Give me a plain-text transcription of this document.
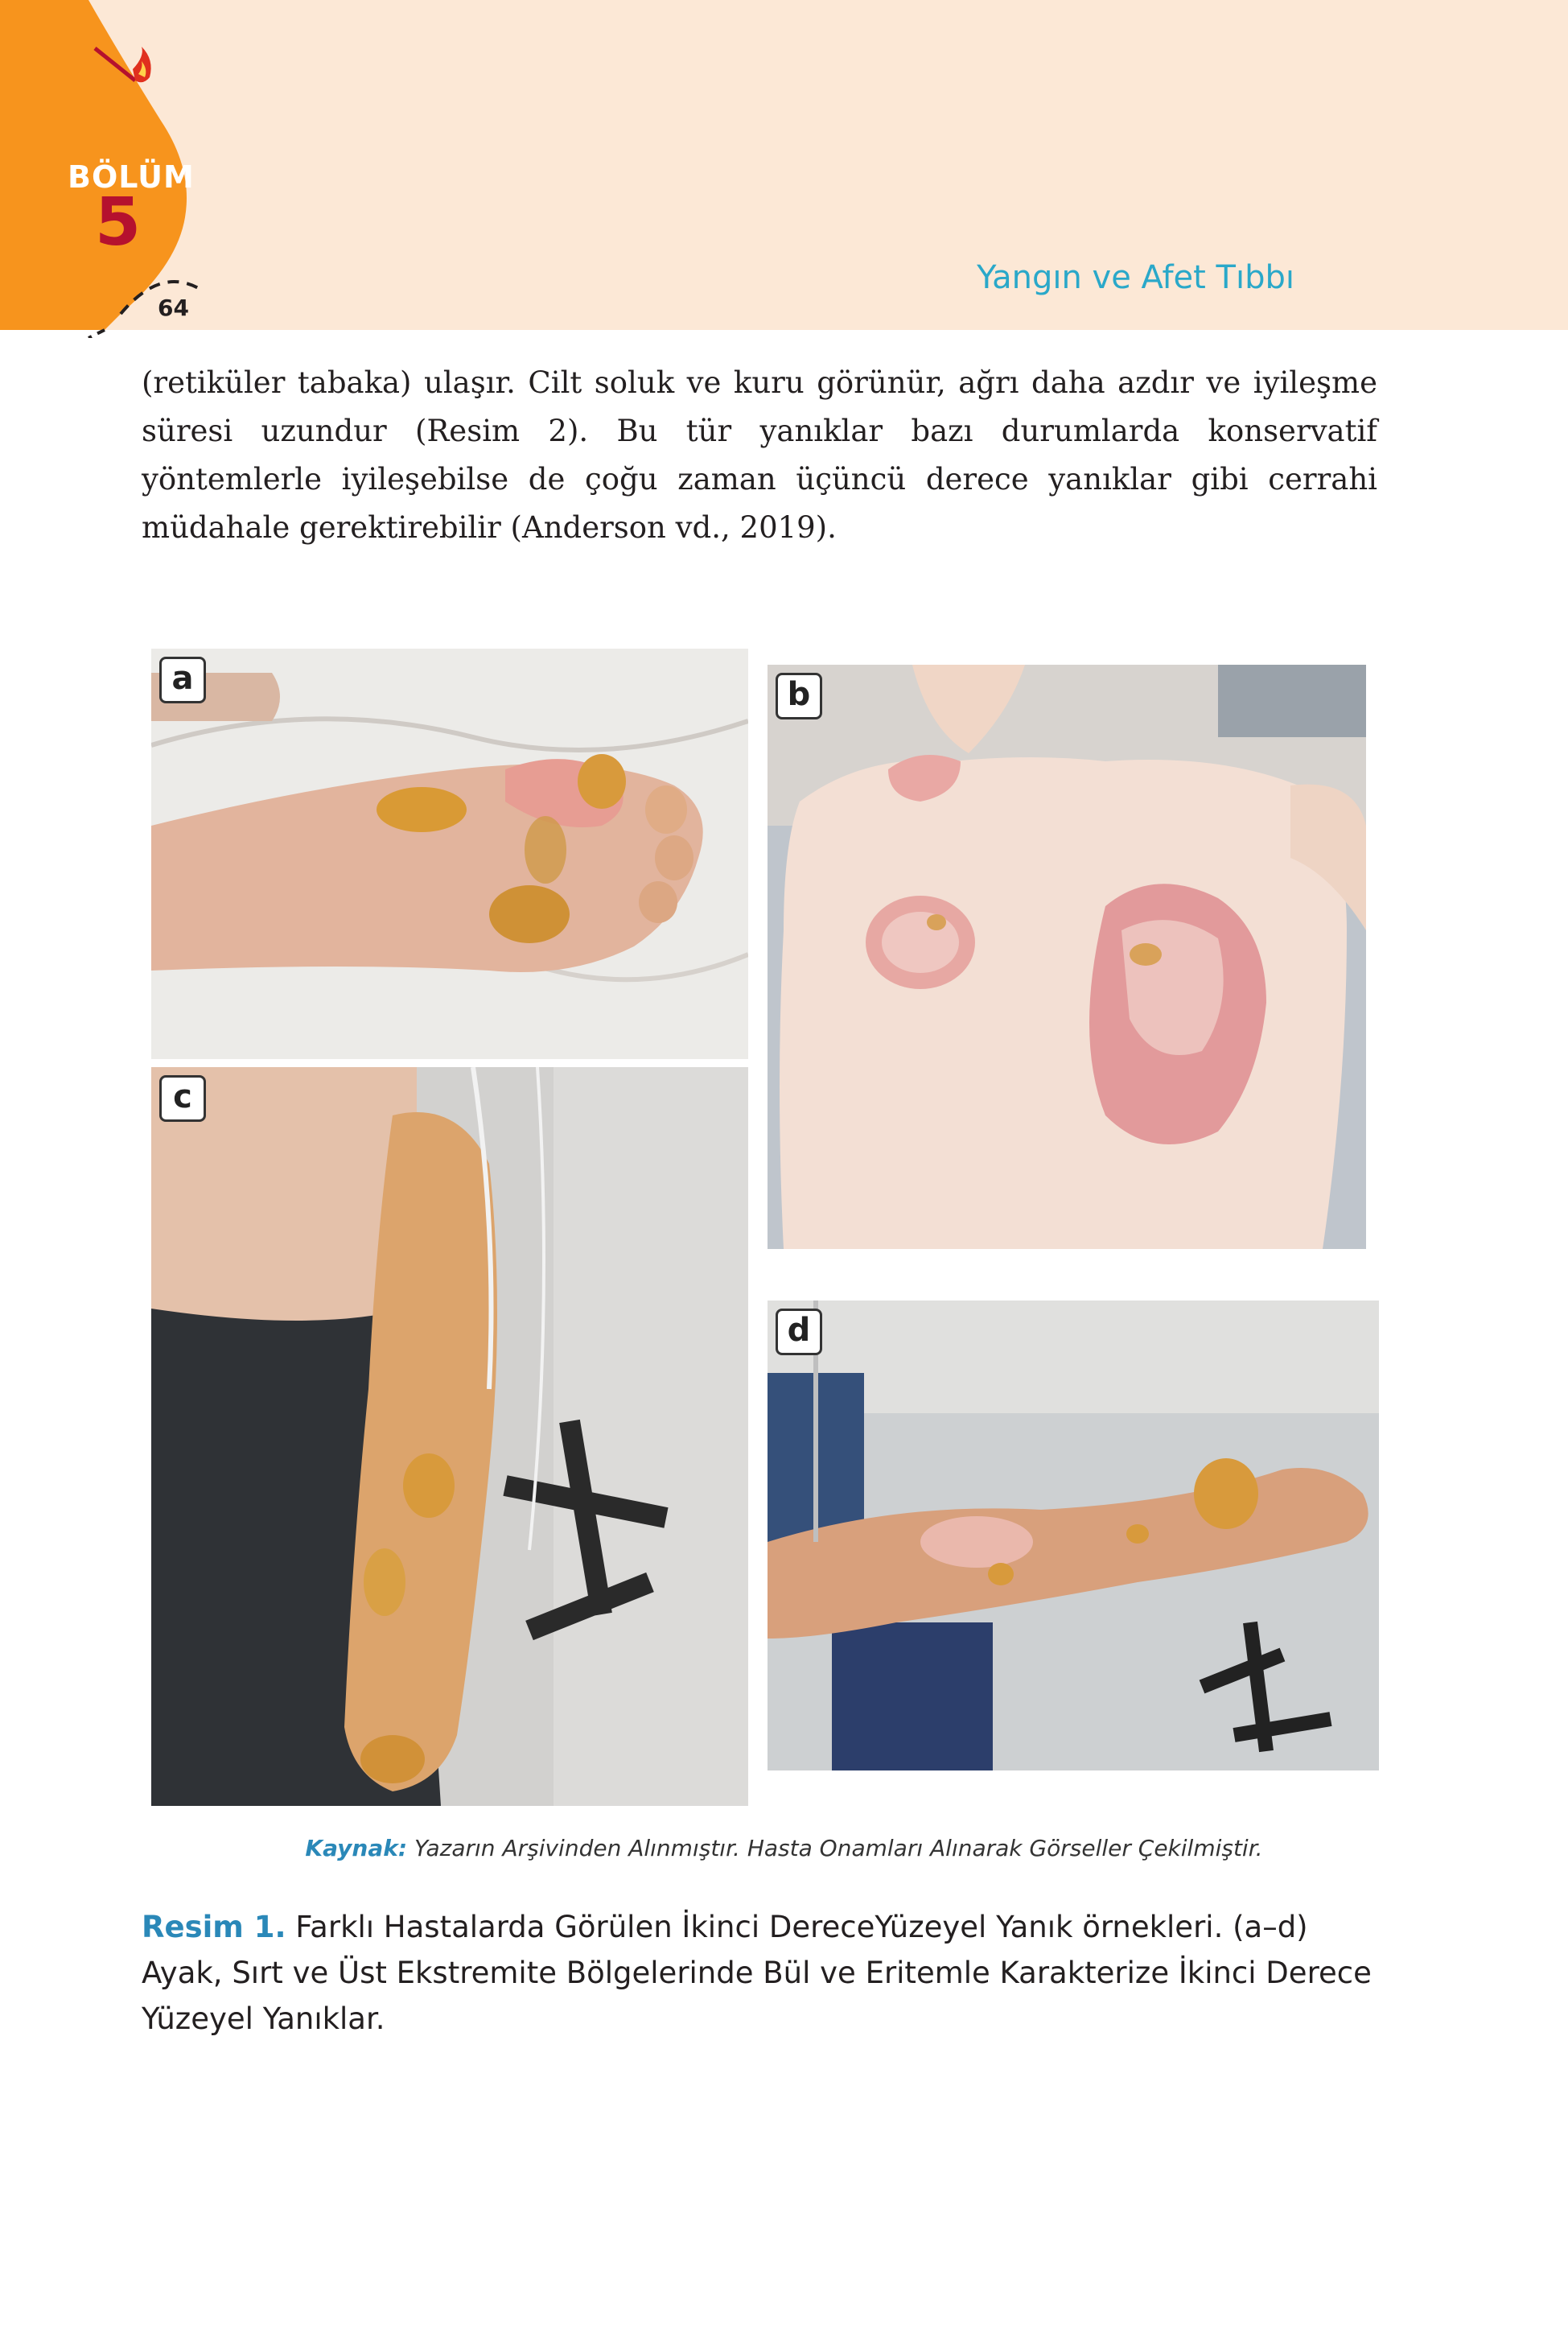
BÖLÜM
5
64
Yangın ve Afet Tıbbı

(retiküler tabaka) ulaşır. Cilt soluk ve kuru görünür, ağrı daha azdır ve iyileşme süresi uzundur (Resim 2). Bu tür yanıklar bazı durumlarda konservatif yöntemlerle iyileşebilse de çoğu zaman üçüncü derece yanıklar gibi cerrahi müdahale gerektirebilir (Anderson vd., 2019).

a	b
c
d
Kaynak: Yazarın Arşivinden Alınmıştır. Hasta Onamları Alınarak Görseller Çekilmiştir.
Resim 1. Farklı Hastalarda Görülen İkinci DereceYüzeyel Yanık örnekleri. (a–d) Ayak, Sırt ve Üst Ekstremite Bölgelerinde Bül ve Eritemle Karakterize İkinci Derece Yüzeyel Yanıklar.
